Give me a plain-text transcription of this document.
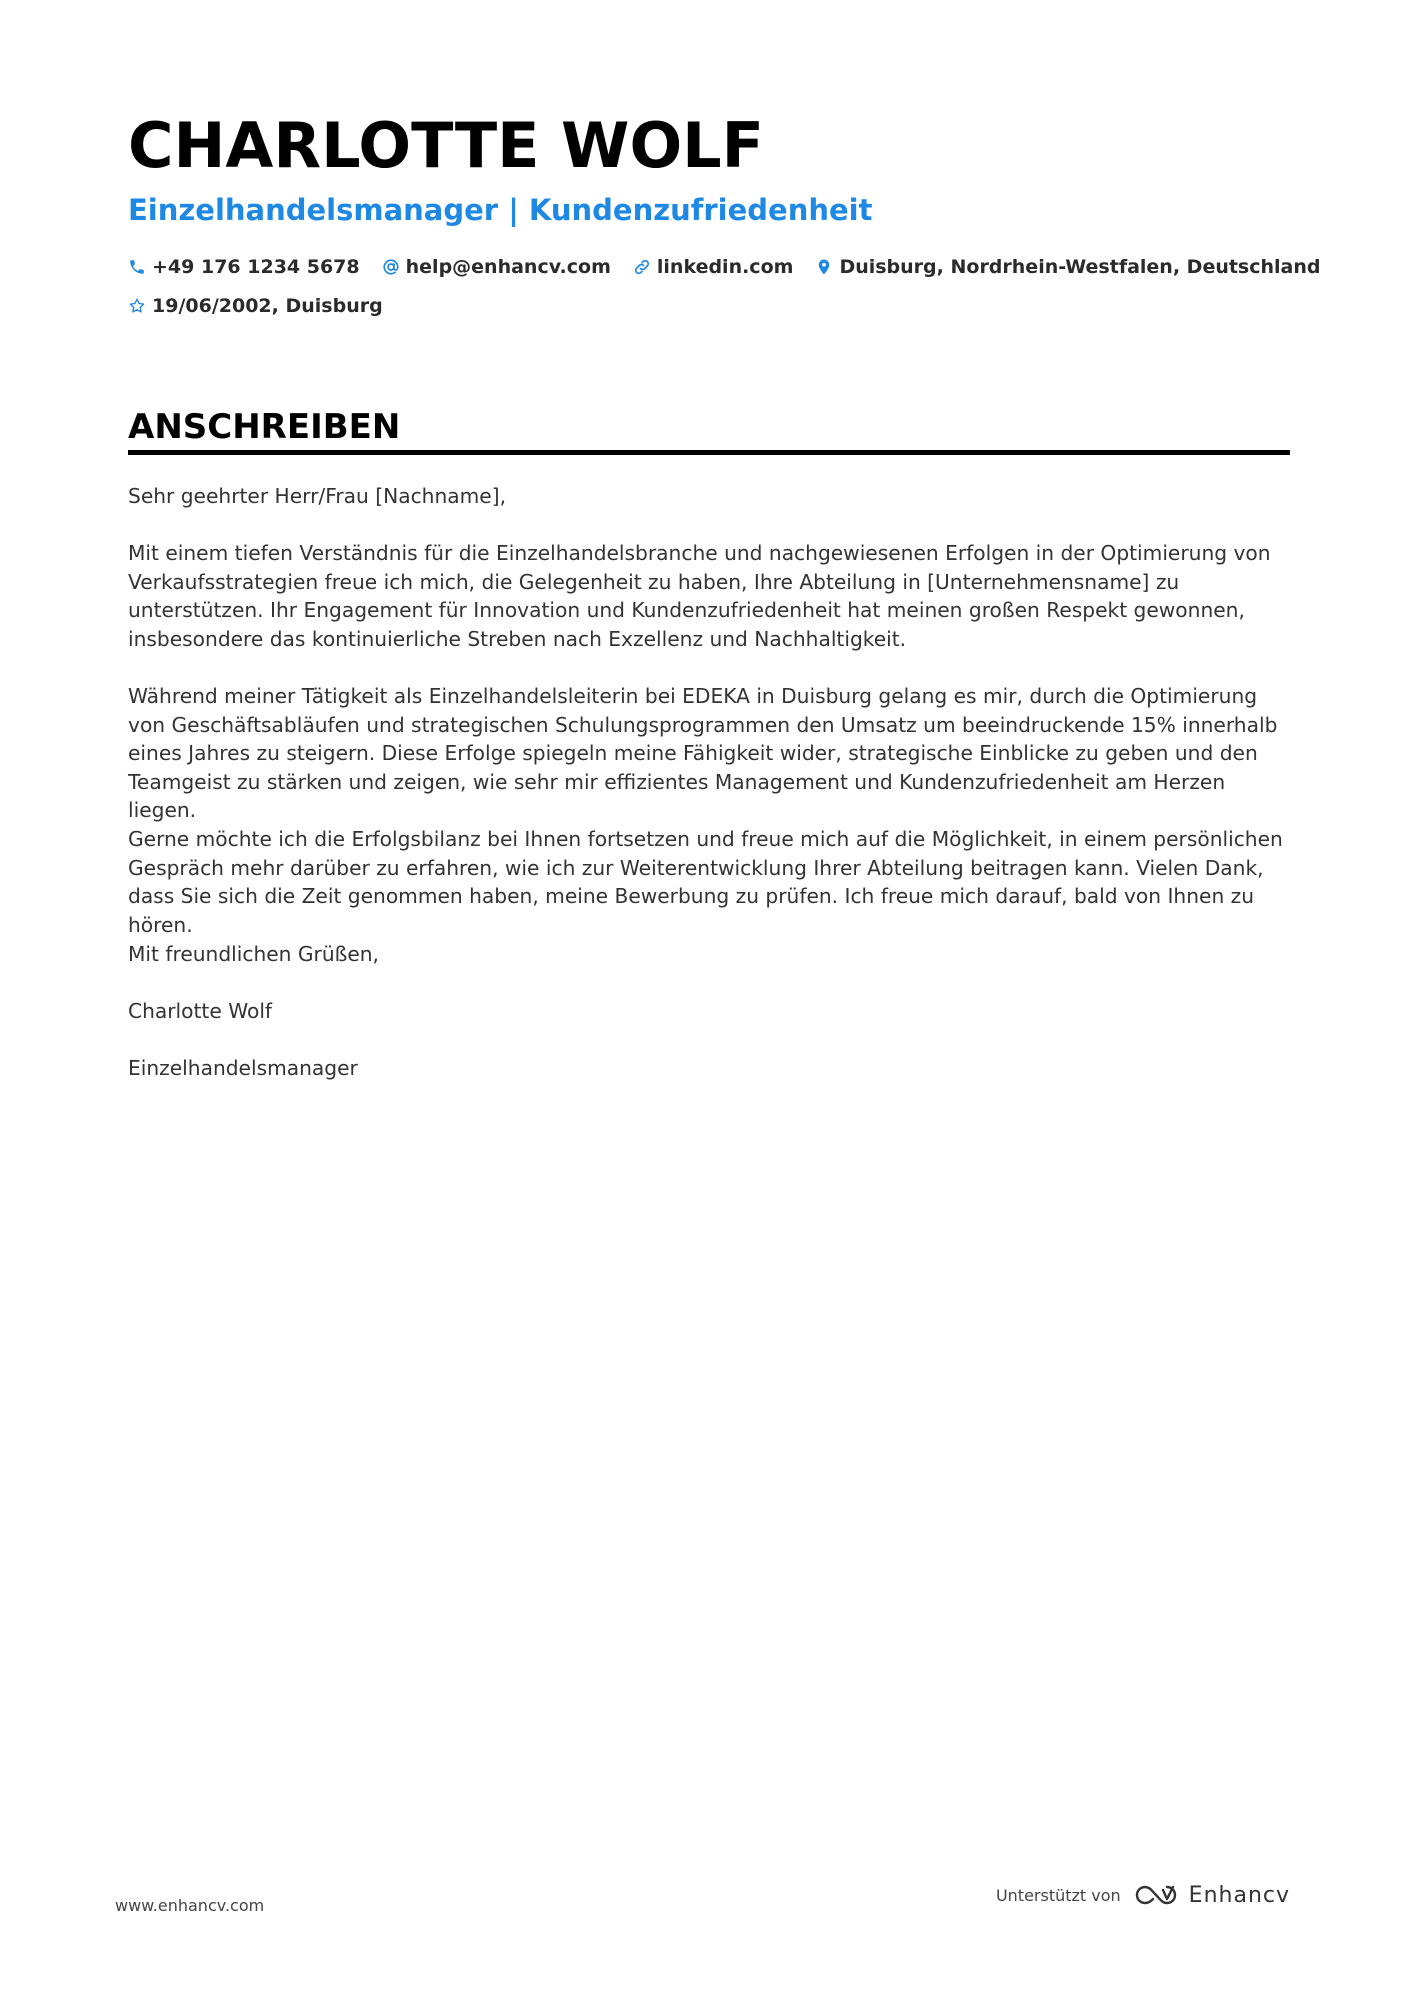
CHARLOTTE WOLF
Einzelhandelsmanager | Kundenzufriedenheit
+49 176 1234 5678 help@enhancv.com linkedin.com Duisburg, Nordrhein-Westfalen, Deutschland
19/06/2002, Duisburg
ANSCHREIBEN

Sehr geehrter Herr/Frau [Nachname],

Mit einem tiefen Verständnis für die Einzelhandelsbranche und nachgewiesenen Erfolgen in der Optimierung von Verkaufsstrategien freue ich mich, die Gelegenheit zu haben, Ihre Abteilung in [Unternehmensname] zu unterstützen. Ihr Engagement für Innovation und Kundenzufriedenheit hat meinen großen Respekt gewonnen, insbesondere das kontinuierliche Streben nach Exzellenz und Nachhaltigkeit.

Während meiner Tätigkeit als Einzelhandelsleiterin bei EDEKA in Duisburg gelang es mir, durch die Optimierung von Geschäftsabläufen und strategischen Schulungsprogrammen den Umsatz um beeindruckende 15% innerhalb eines Jahres zu steigern. Diese Erfolge spiegeln meine Fähigkeit wider, strategische Einblicke zu geben und den Teamgeist zu stärken und zeigen, wie sehr mir effizientes Management und Kundenzufriedenheit am Herzen liegen.

Gerne möchte ich die Erfolgsbilanz bei Ihnen fortsetzen und freue mich auf die Möglichkeit, in einem persönlichen Gespräch mehr darüber zu erfahren, wie ich zur Weiterentwicklung Ihrer Abteilung beitragen kann. Vielen Dank, dass Sie sich die Zeit genommen haben, meine Bewerbung zu prüfen. Ich freue mich darauf, bald von Ihnen zu hören.

Mit freundlichen Grüßen,

Charlotte Wolf

Einzelhandelsmanager

www.enhancv.com
Unterstützt von	Enhancv
